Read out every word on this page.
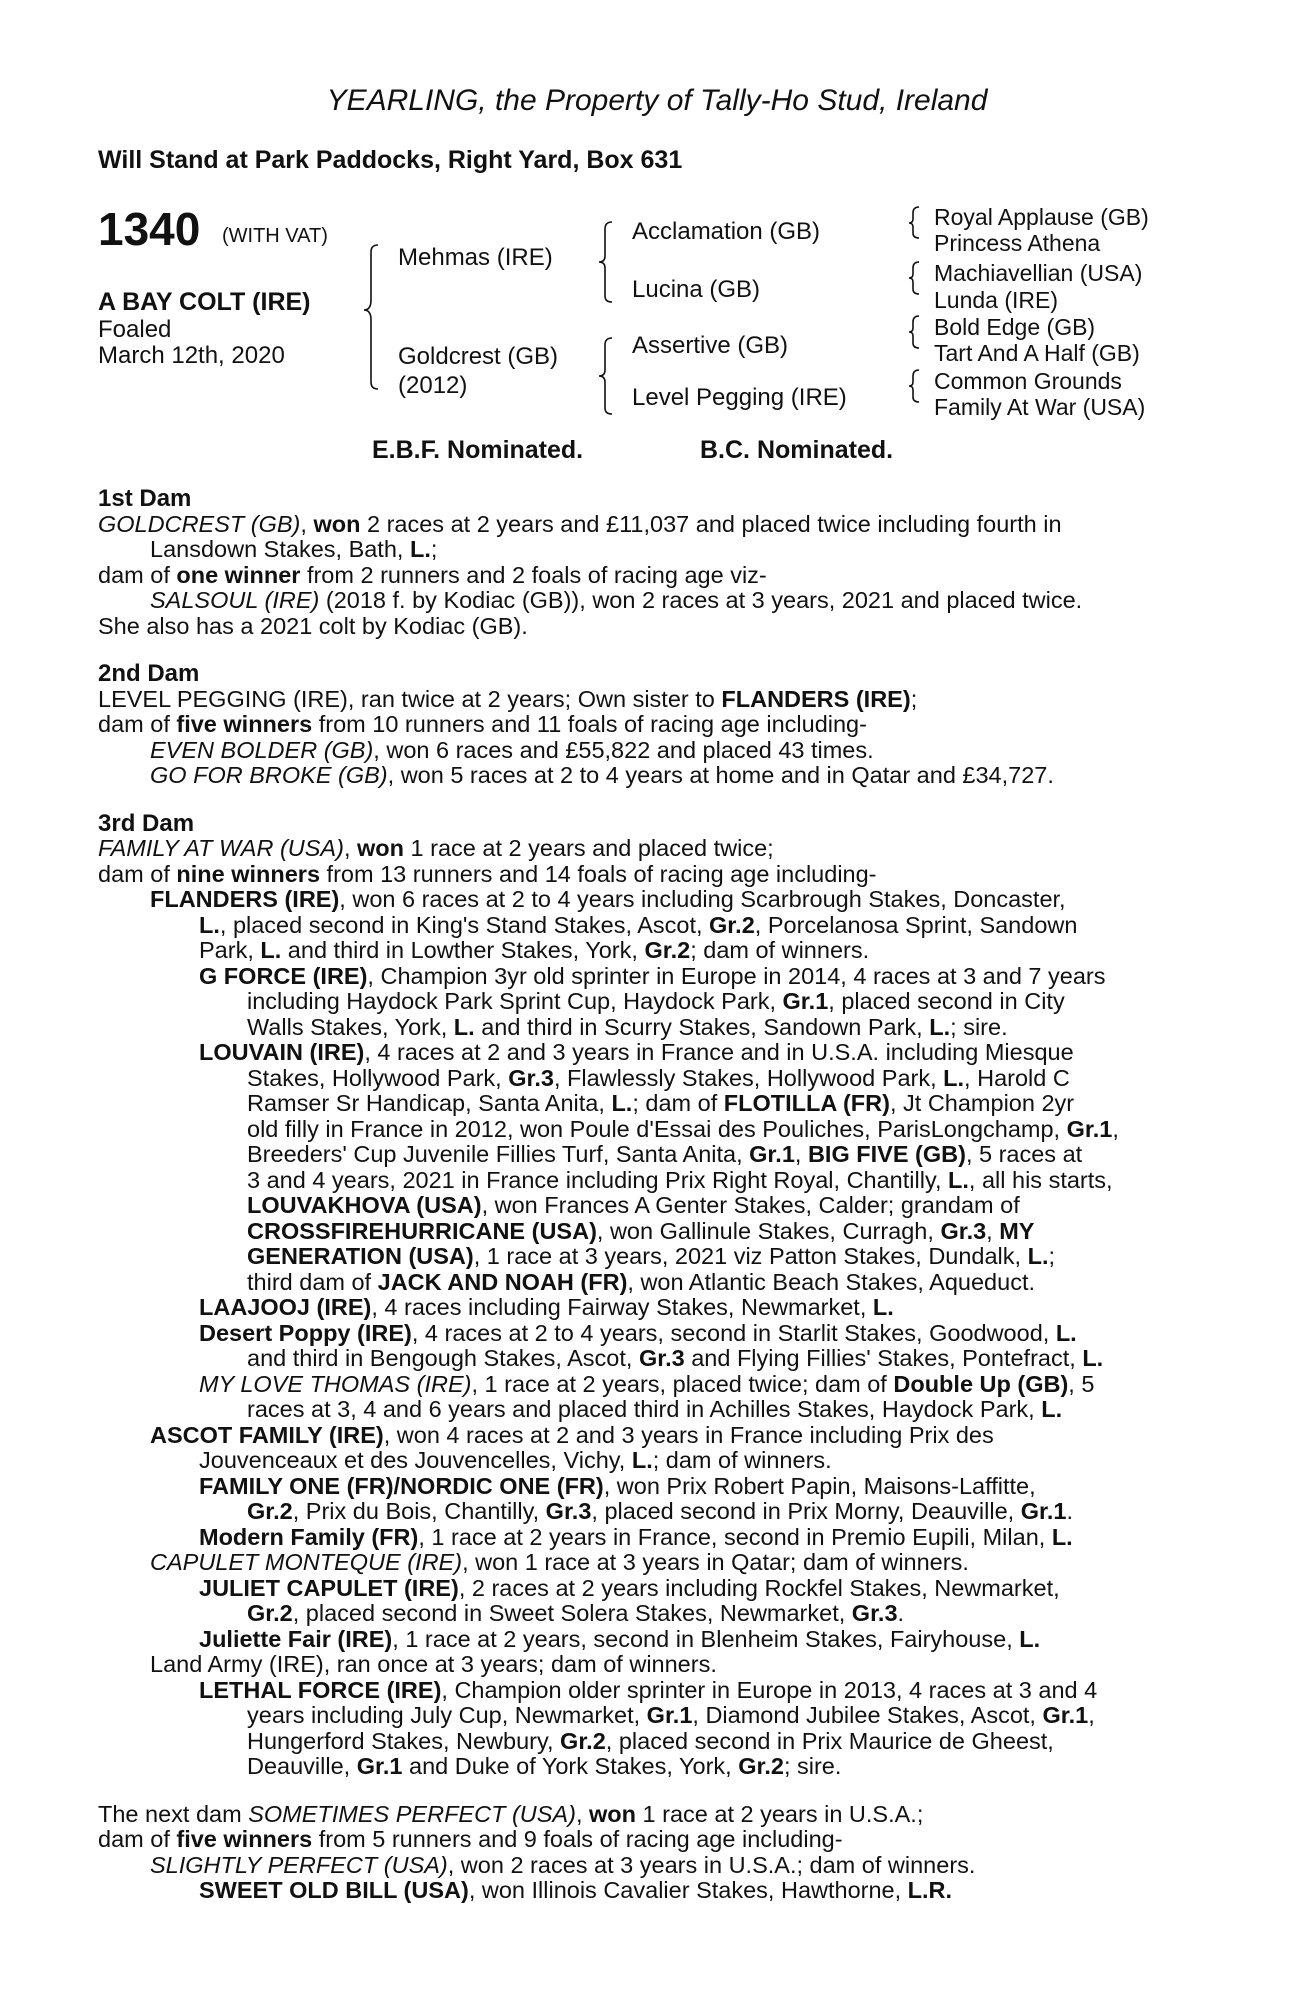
YEARLING, the Property of Tally-Ho Stud, Ireland
Will Stand at Park Paddocks, Right Yard, Box 631
1340 (WITH VAT)
A BAY COLT (IRE)
Foaled
March 12th, 2020
Mehmas (IRE)
Goldcrest (GB)
(2012)
Acclamation (GB)
Lucina (GB)
Assertive (GB)
Level Pegging (IRE)
Royal Applause (GB)
Princess Athena
Machiavellian (USA)
Lunda (IRE)
Bold Edge (GB)
Tart And A Half (GB)
Common Grounds
Family At War (USA)
E.B.F. Nominated.	B.C. Nominated.
1st Dam
GOLDCREST (GB), won 2 races at 2 years and £11,037 and placed twice including fourth in
Lansdown Stakes, Bath, L.;
dam of one winner from 2 runners and 2 foals of racing age viz-
SALSOUL (IRE) (2018 f. by Kodiac (GB)), won 2 races at 3 years, 2021 and placed twice.
She also has a 2021 colt by Kodiac (GB).
2nd Dam
LEVEL PEGGING (IRE), ran twice at 2 years; Own sister to FLANDERS (IRE);
dam of five winners from 10 runners and 11 foals of racing age including-
EVEN BOLDER (GB), won 6 races and £55,822 and placed 43 times.
GO FOR BROKE (GB), won 5 races at 2 to 4 years at home and in Qatar and £34,727.
3rd Dam
FAMILY AT WAR (USA), won 1 race at 2 years and placed twice;
dam of nine winners from 13 runners and 14 foals of racing age including-
FLANDERS (IRE), won 6 races at 2 to 4 years including Scarbrough Stakes, Doncaster,
L., placed second in King's Stand Stakes, Ascot, Gr.2, Porcelanosa Sprint, Sandown
Park, L. and third in Lowther Stakes, York, Gr.2; dam of winners.
G FORCE (IRE), Champion 3yr old sprinter in Europe in 2014, 4 races at 3 and 7 years
including Haydock Park Sprint Cup, Haydock Park, Gr.1, placed second in City
Walls Stakes, York, L. and third in Scurry Stakes, Sandown Park, L.; sire.
LOUVAIN (IRE), 4 races at 2 and 3 years in France and in U.S.A. including Miesque
Stakes, Hollywood Park, Gr.3, Flawlessly Stakes, Hollywood Park, L., Harold C
Ramser Sr Handicap, Santa Anita, L.; dam of FLOTILLA (FR), Jt Champion 2yr
old filly in France in 2012, won Poule d'Essai des Pouliches, ParisLongchamp, Gr.1,
Breeders' Cup Juvenile Fillies Turf, Santa Anita, Gr.1, BIG FIVE (GB), 5 races at
3 and 4 years, 2021 in France including Prix Right Royal, Chantilly, L., all his starts,
LOUVAKHOVA (USA), won Frances A Genter Stakes, Calder; grandam of
CROSSFIREHURRICANE (USA), won Gallinule Stakes, Curragh, Gr.3, MY
GENERATION (USA), 1 race at 3 years, 2021 viz Patton Stakes, Dundalk, L.;
third dam of JACK AND NOAH (FR), won Atlantic Beach Stakes, Aqueduct.
LAAJOOJ (IRE), 4 races including Fairway Stakes, Newmarket, L.
Desert Poppy (IRE), 4 races at 2 to 4 years, second in Starlit Stakes, Goodwood, L.
and third in Bengough Stakes, Ascot, Gr.3 and Flying Fillies' Stakes, Pontefract, L.
MY LOVE THOMAS (IRE), 1 race at 2 years, placed twice; dam of Double Up (GB), 5
races at 3, 4 and 6 years and placed third in Achilles Stakes, Haydock Park, L.
ASCOT FAMILY (IRE), won 4 races at 2 and 3 years in France including Prix des
Jouvenceaux et des Jouvencelles, Vichy, L.; dam of winners.
FAMILY ONE (FR)/NORDIC ONE (FR), won Prix Robert Papin, Maisons-Laffitte,
Gr.2, Prix du Bois, Chantilly, Gr.3, placed second in Prix Morny, Deauville, Gr.1.
Modern Family (FR), 1 race at 2 years in France, second in Premio Eupili, Milan, L.
CAPULET MONTEQUE (IRE), won 1 race at 3 years in Qatar; dam of winners.
JULIET CAPULET (IRE), 2 races at 2 years including Rockfel Stakes, Newmarket,
Gr.2, placed second in Sweet Solera Stakes, Newmarket, Gr.3.
Juliette Fair (IRE), 1 race at 2 years, second in Blenheim Stakes, Fairyhouse, L.
Land Army (IRE), ran once at 3 years; dam of winners.
LETHAL FORCE (IRE), Champion older sprinter in Europe in 2013, 4 races at 3 and 4
years including July Cup, Newmarket, Gr.1, Diamond Jubilee Stakes, Ascot, Gr.1,
Hungerford Stakes, Newbury, Gr.2, placed second in Prix Maurice de Gheest,
Deauville, Gr.1 and Duke of York Stakes, York, Gr.2; sire.
The next dam SOMETIMES PERFECT (USA), won 1 race at 2 years in U.S.A.;
dam of five winners from 5 runners and 9 foals of racing age including-
SLIGHTLY PERFECT (USA), won 2 races at 3 years in U.S.A.; dam of winners.
SWEET OLD BILL (USA), won Illinois Cavalier Stakes, Hawthorne, L.R.
